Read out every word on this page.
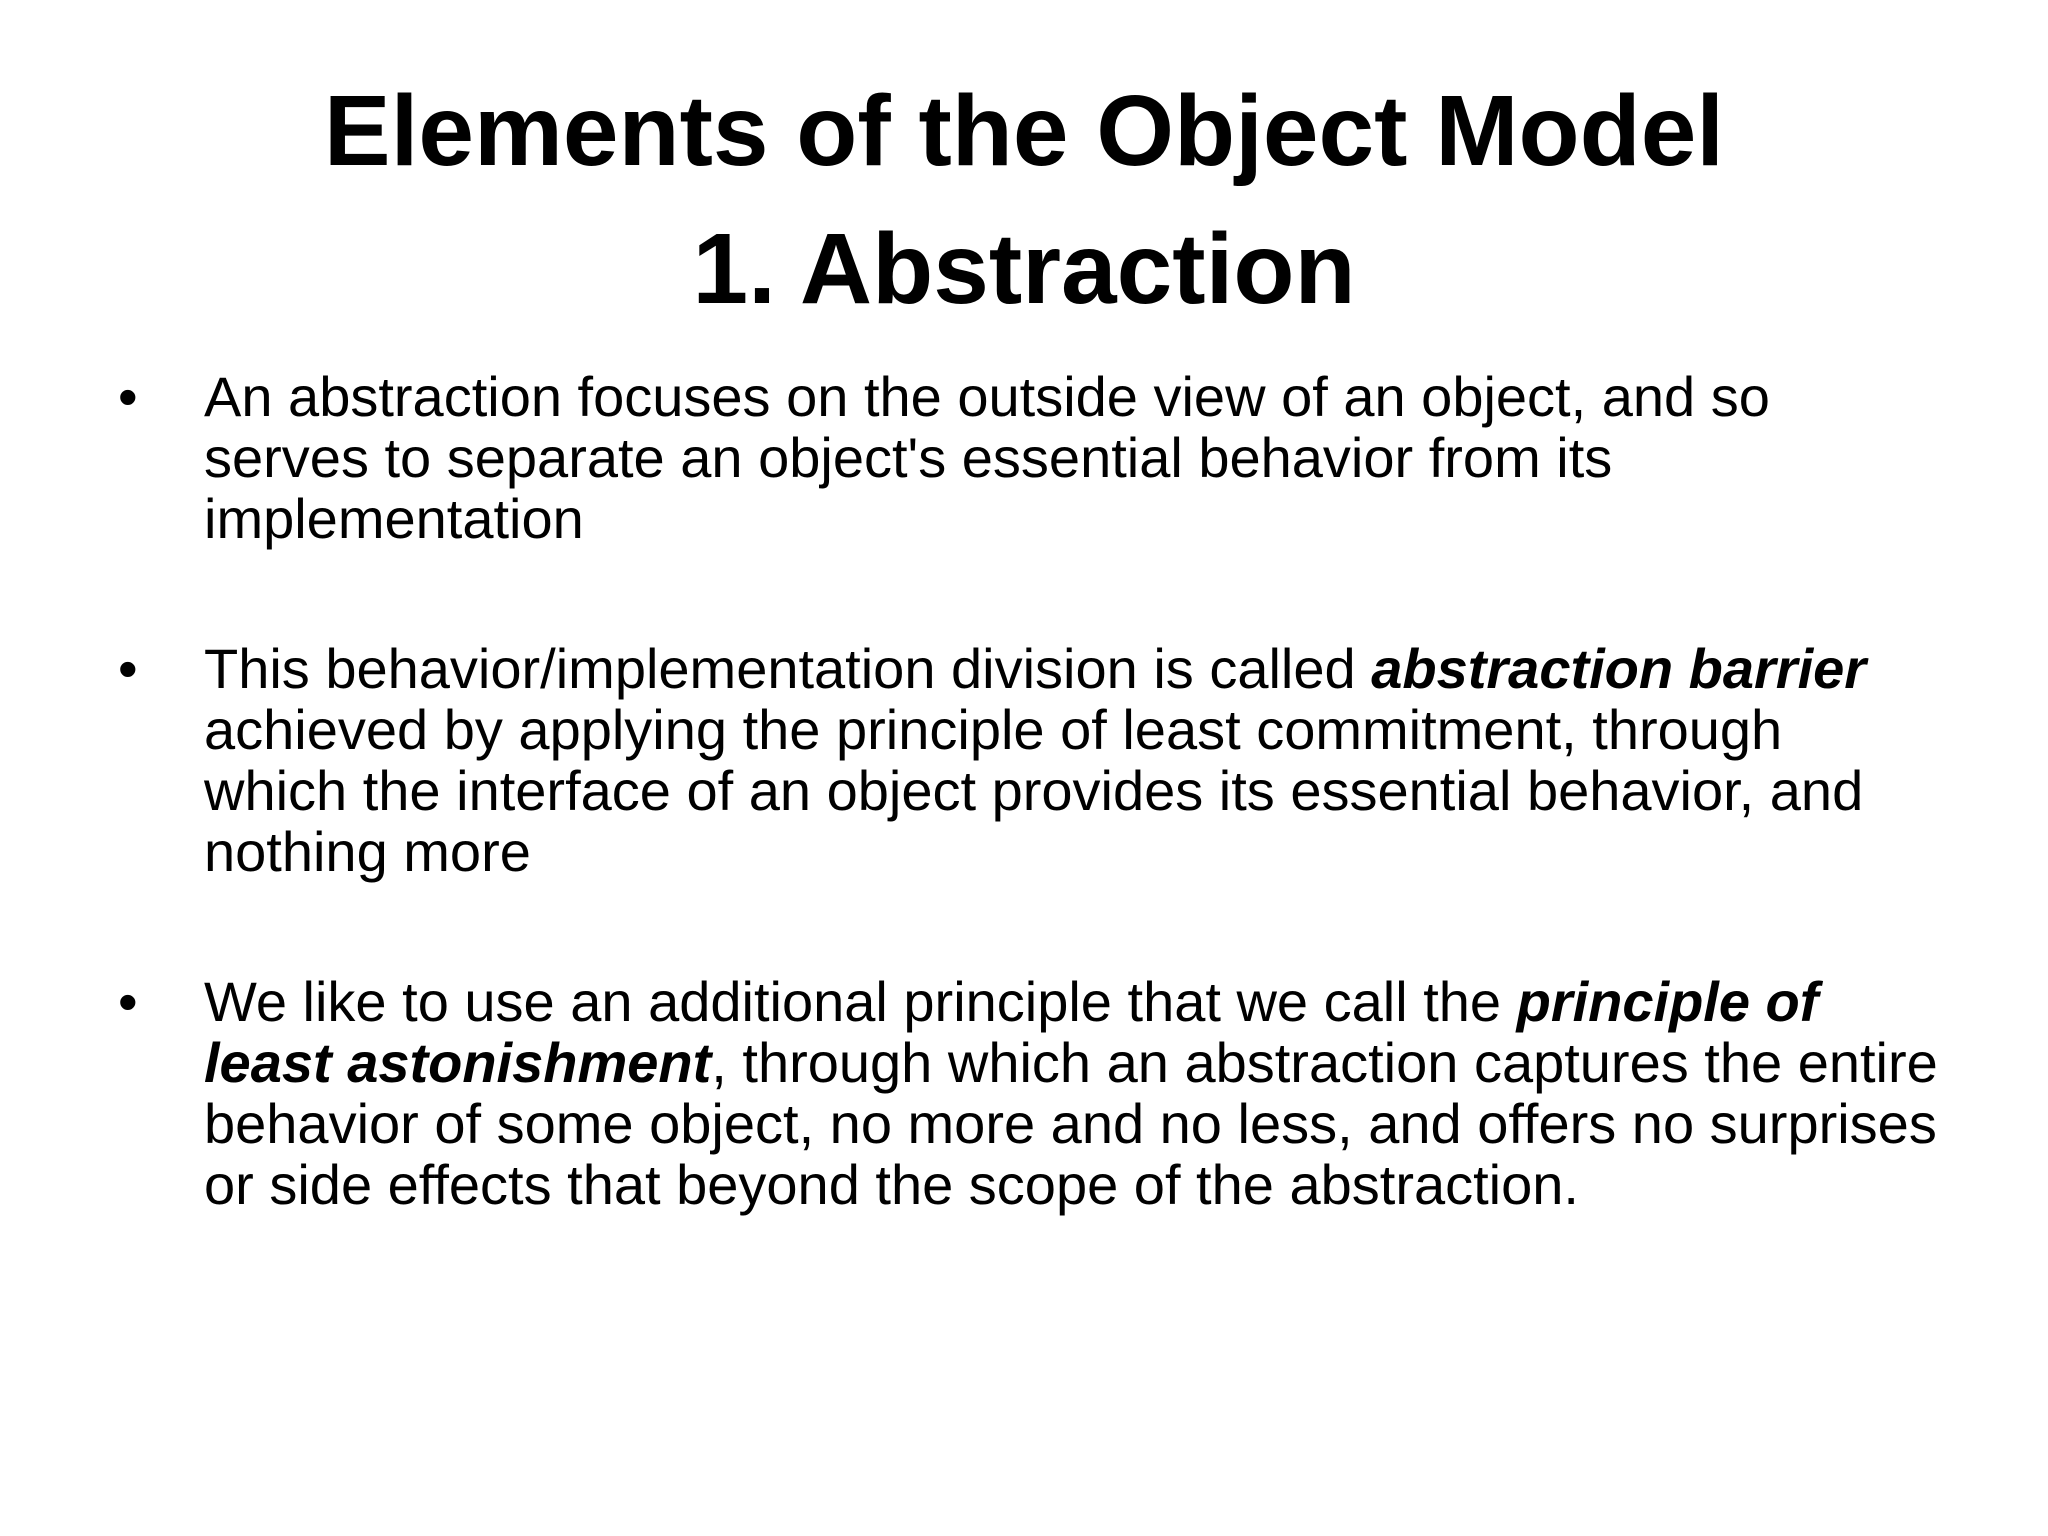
Elements of the Object Model
1. Abstraction
•	An abstraction focuses on the outside view of an object, and so serves to separate an object's essential behavior from its implementation
•	This behavior/implementation division is called abstraction barrier achieved by applying the principle of least commitment, through which the interface of an object provides its essential behavior, and nothing more
•	We like to use an additional principle that we call the principle of least astonishment, through which an abstraction captures the entire behavior of some object, no more and no less, and offers no surprises or side effects that beyond the scope of the abstraction.
